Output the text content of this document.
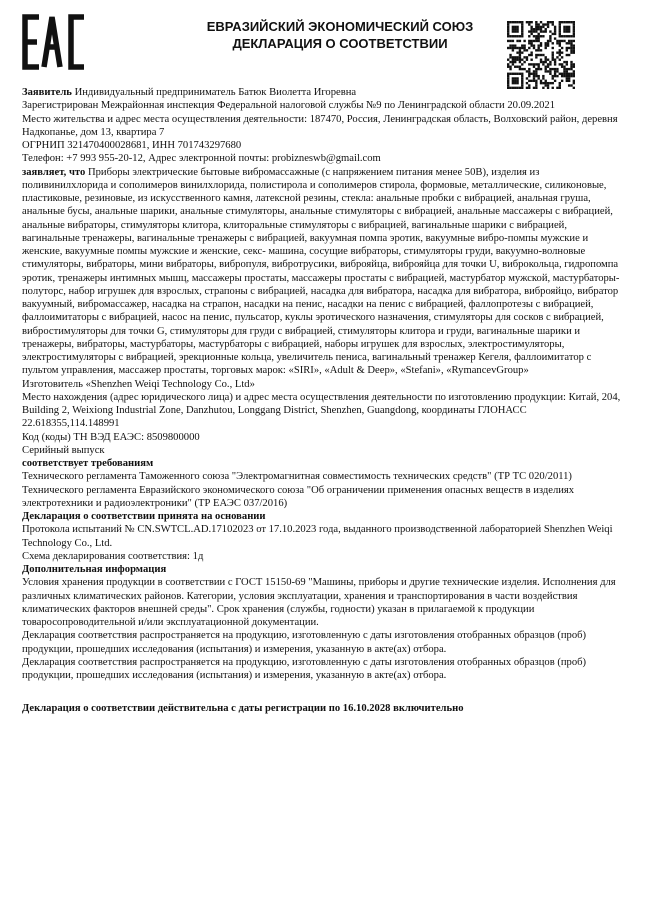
ЕВРАЗИЙСКИЙ ЭКОНОМИЧЕСКИЙ СОЮЗ
ДЕКЛАРАЦИЯ О СООТВЕТСТВИИ

Заявитель Индивидуальный предприниматель Батюк Виолетта Игоревна

Зарегистрирован Межрайонная инспекция Федеральной налоговой службы №9 по Ленинградской области 20.09.2021

Место жительства и адрес места осуществления деятельности: 187470, Россия, Ленинградская область, Волховский район, деревня Надкопанье, дом 13, квартира 7

ОГРНИП 321470400028681, ИНН 701743297680

Телефон: +7 993 955-20-12, Адрес электронной почты: probizneswb@gmail.com

заявляет, что Приборы электрические бытовые вибромассажные (с напряжением питания менее 50В), изделия из поливинилхлорида и сополимеров винилхлорида, полистирола и сополимеров стирола, формовые, металлические, силиконовые, пластиковые, резиновые, из искусственного камня, латексной резины, стекла: анальные пробки с вибрацией, анальная груша, анальные бусы, анальные шарики, анальные стимуляторы, анальные стимуляторы с вибрацией, анальные массажеры с вибрацией, анальные вибраторы, стимуляторы клитора, клиторальные стимуляторы с вибрацией, вагинальные шарики с вибрацией, вагинальные тренажеры, вагинальные тренажеры с вибрацией, вакуумная помпа эротик, вакуумные вибро-помпы мужские и женские, вакуумные помпы мужские и женские, секс- машина, сосущие вибраторы, стимуляторы груди, вакуумно-волновые стимуляторы, вибраторы, мини вибраторы, вибропуля, вибротрусики, виброяйца, виброяйца для точки U, виброкольца, гидропомпа эротик, тренажеры интимных мышц, массажеры простаты, массажеры простаты с вибрацией, мастурбатор мужской, мастурбаторы-полуторс, набор игрушек для взрослых, страпоны с вибрацией, насадка для вибратора, насадка для вибратора, виброяйцо, вибратор вакуумный, вибромассажер, насадка на страпон, насадки на пенис, насадки на пенис с вибрацией, фаллопротезы с вибрацией, фаллоимитаторы с вибрацией, насос на пенис, пульсатор, куклы эротического назначения, стимуляторы для сосков с вибрацией, вибростимуляторы для точки G, стимуляторы для груди с вибрацией, стимуляторы клитора и груди, вагинальные шарики и тренажеры, вибраторы, мастурбаторы, мастурбаторы с вибрацией, наборы игрушек для взрослых, электростимуляторы, электростимуляторы с вибрацией, эрекционные кольца, увеличитель пениса, вагинальный тренажер Кегеля, фаллоимитатор с пультом управления, массажер простаты, торговых марок: «SIRI», «Adult & Deep», «Stefani», «RymancevGroup»

Изготовитель «Shenzhen Weiqi Technology Co., Ltd»

Место нахождения (адрес юридического лица) и адрес места осуществления деятельности по изготовлению продукции: Китай, 204, Building 2, Weixiong Industrial Zone, Danzhutou, Longgang District, Shenzhen, Guangdong, координаты ГЛОНАСС 22.618355,114.148991

Код (коды) ТН ВЭД ЕАЭС: 8509800000

Серийный выпуск

соответствует требованиям

Технического регламента Таможенного союза "Электромагнитная совместимость технических средств" (ТР ТС 020/2011)

Технического регламента Евразийского экономического союза "Об ограничении применения опасных веществ в изделиях электротехники и радиоэлектроники" (ТР ЕАЭС 037/2016)

Декларация о соответствии принята на основании

Протокола испытаний № CN.SWTCL.AD.17102023 от 17.10.2023 года, выданного производственной лабораторией Shenzhen Weiqi Technology Co., Ltd.

Схема декларирования соответствия: 1д

Дополнительная информация

Условия хранения продукции в соответствии с ГОСТ 15150-69 "Машины, приборы и другие технические изделия. Исполнения для различных климатических районов. Категории, условия эксплуатации, хранения и транспортирования в части воздействия климатических факторов внешней среды". Срок хранения (службы, годности) указан в прилагаемой к продукции товаросопроводительной и/или эксплуатационной документации.

Декларация соответствия распространяется на продукцию, изготовленную с даты изготовления отобранных образцов (проб) продукции, прошедших исследования (испытания) и измерения, указанную в акте(ах) отбора.

Декларация соответствия распространяется на продукцию, изготовленную с даты изготовления отобранных образцов (проб) продукции, прошедших исследования (испытания) и измерения, указанную в акте(ах) отбора.

Декларация о соответствии действительна с даты регистрации по 16.10.2028 включительно
